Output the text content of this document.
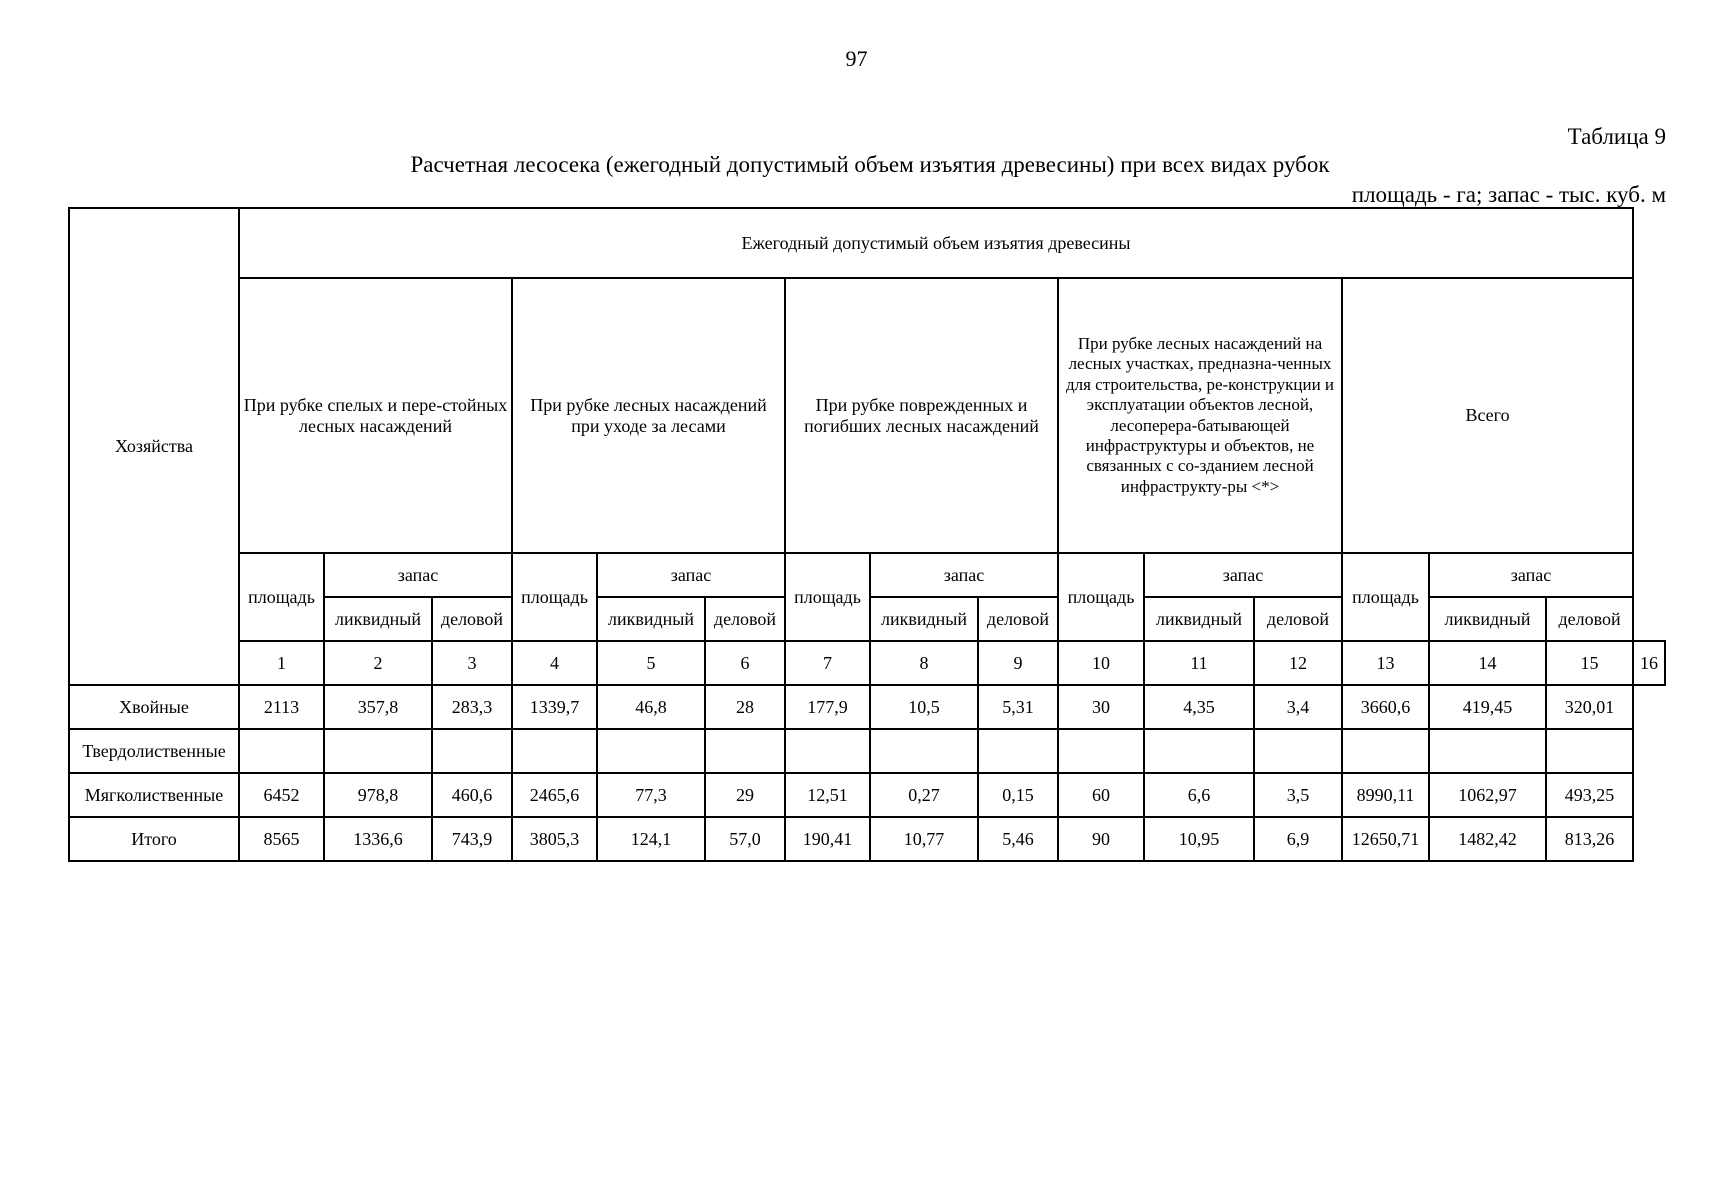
97
Таблица 9
Расчетная лесосека (ежегодный допустимый объем изъятия древесины) при всех видах рубок
площадь - га; запас - тыс. куб. м
Хозяйства	Ежегодный допустимый объем изъятия древесины															
	При рубке спелых и пере-стойных лесных насаждений			При рубке лесных насаждений при уходе за лесами			При рубке поврежденных и погибших лесных насаждений			При рубке лесных насаждений на лесных участках, предназна-ченных для строительства, ре-конструкции и эксплуатации объектов лесной, лесоперера-батывающей инфраструктуры и объектов, не связанных с со-зданием лесной инфраструкту-ры <*>			Всего			
	площадь	запас		площадь	запас		площадь	запас		площадь	запас		площадь	запас		
		ликвидный	деловой		ликвидный	деловой		ликвидный	деловой		ликвидный	деловой		ликвидный	деловой	
	1	2	3	4	5	6	7	8	9	10	11	12	13	14	15	16
Хвойные	2113	357,8	283,3	1339,7	46,8	28	177,9	10,5	5,31	30	4,35	3,4	3660,6	419,45	320,01	
Твердолиственные																
Мягколиственные	6452	978,8	460,6	2465,6	77,3	29	12,51	0,27	0,15	60	6,6	3,5	8990,11	1062,97	493,25	
Итого	8565	1336,6	743,9	3805,3	124,1	57,0	190,41	10,77	5,46	90	10,95	6,9	12650,71	1482,42	813,26	
